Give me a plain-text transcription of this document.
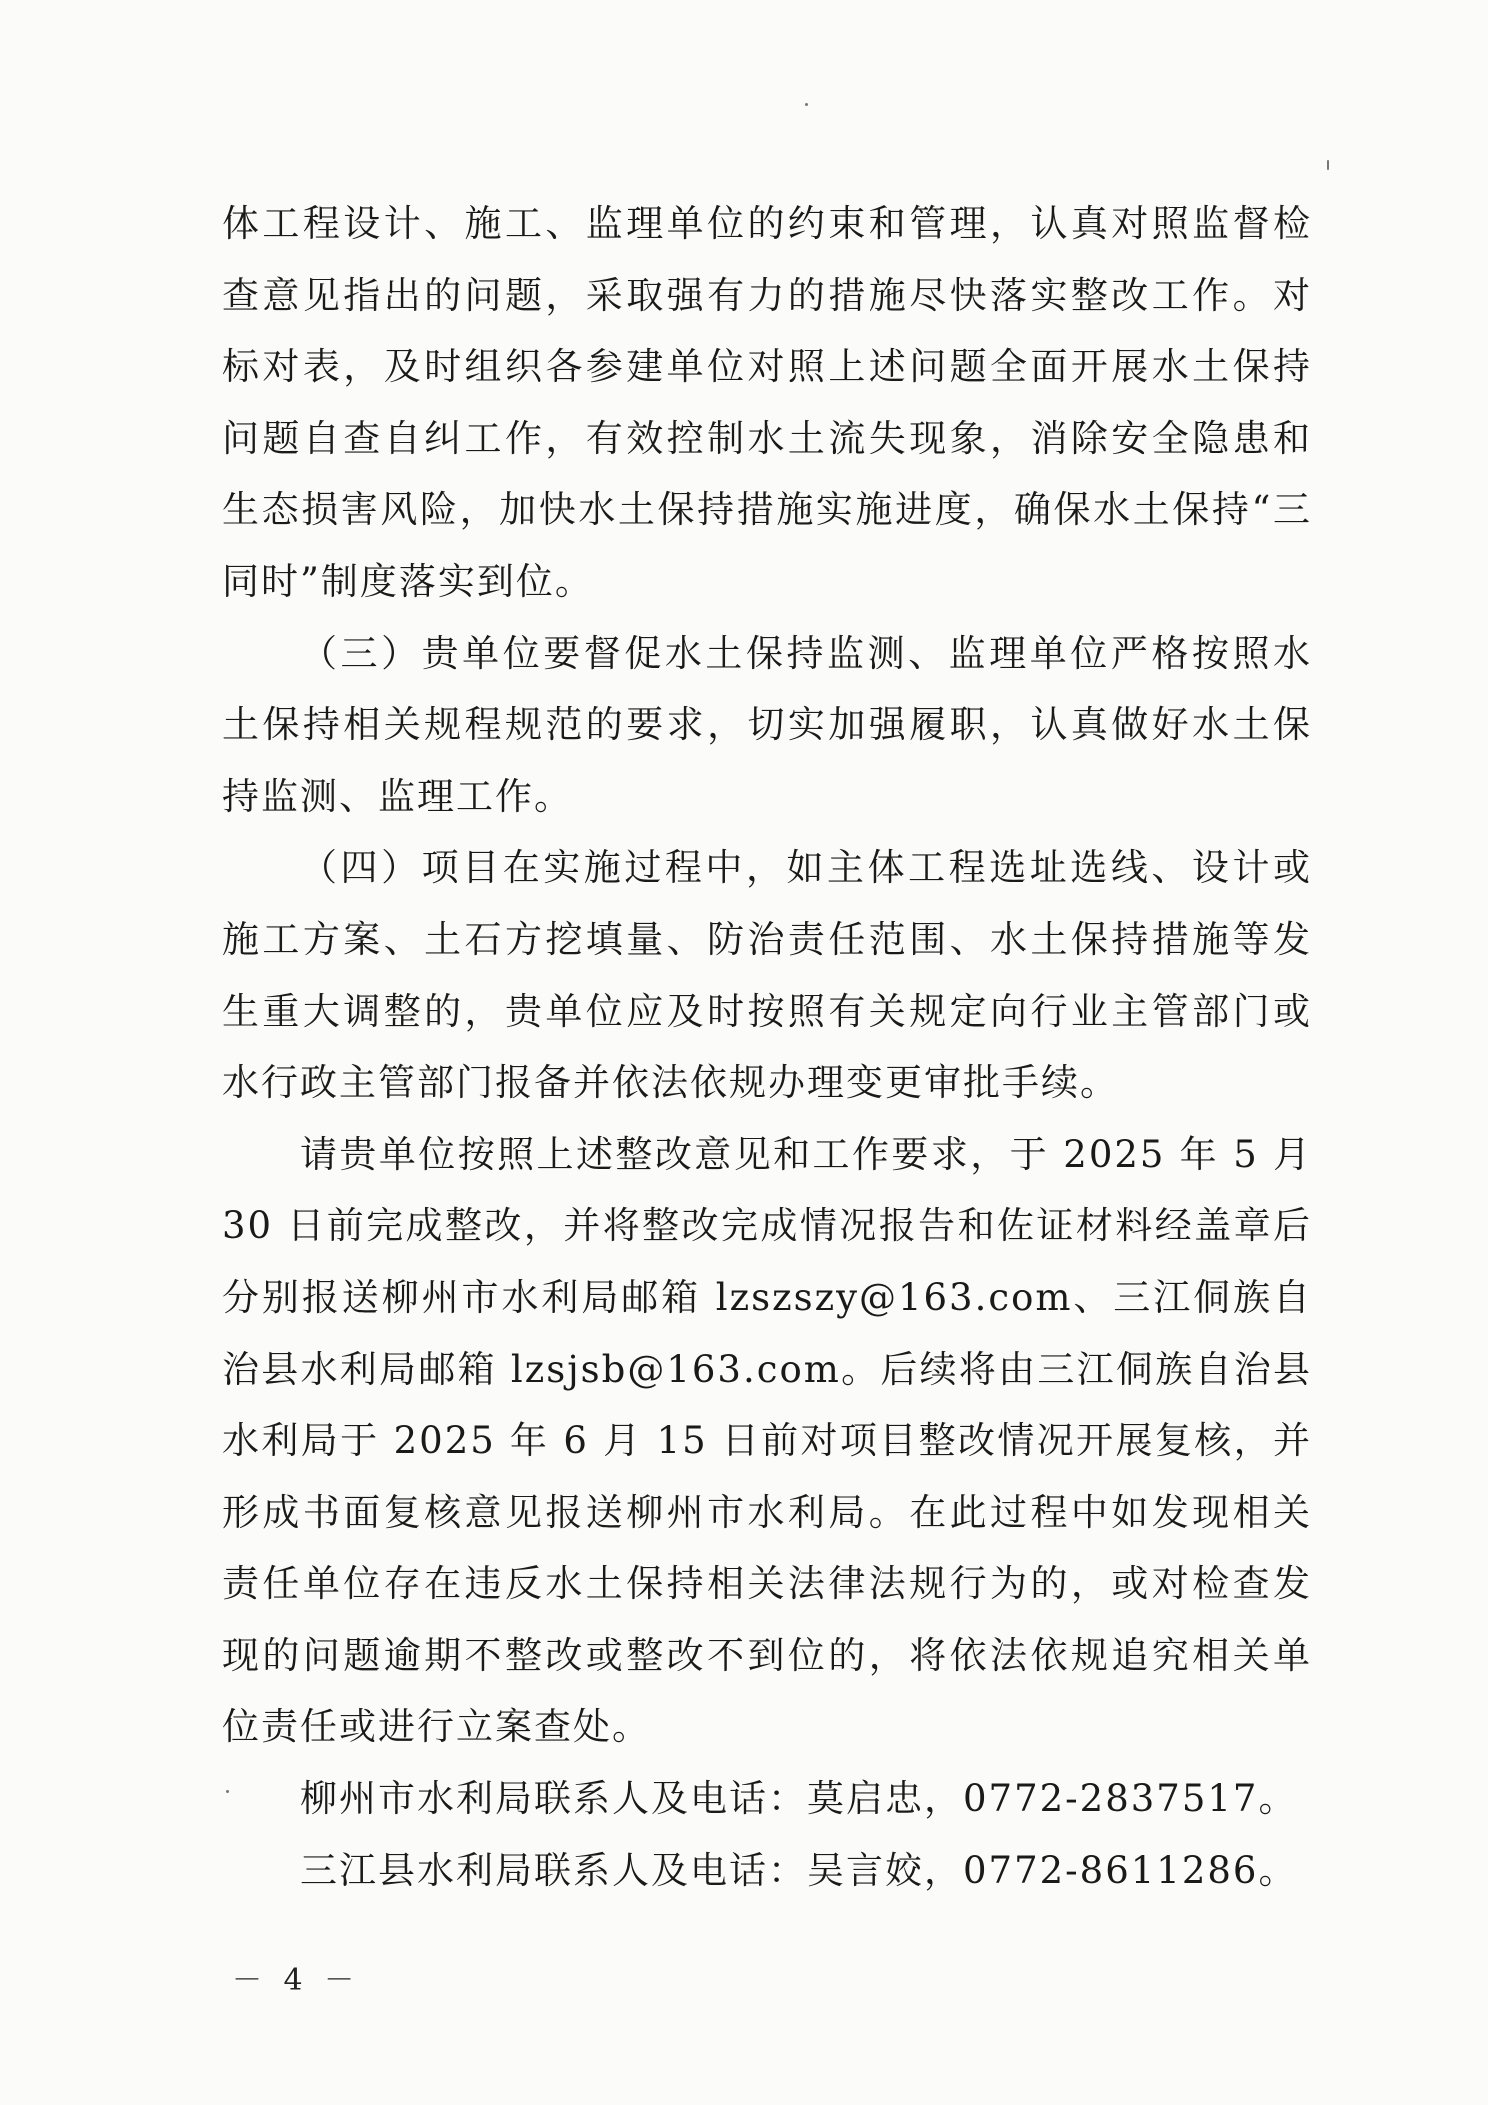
体工程设计、施工、监理单位的约束和管理，认真对照监督检查意见指出的问题，采取强有力的措施尽快落实整改工作。对标对表，及时组织各参建单位对照上述问题全面开展水土保持问题自查自纠工作，有效控制水土流失现象，消除安全隐患和生态损害风险，加快水土保持措施实施进度，确保水土保持“三同时”制度落实到位。

（三）贵单位要督促水土保持监测、监理单位严格按照水土保持相关规程规范的要求，切实加强履职，认真做好水土保持监测、监理工作。

（四）项目在实施过程中，如主体工程选址选线、设计或施工方案、土石方挖填量、防治责任范围、水土保持措施等发生重大调整的，贵单位应及时按照有关规定向行业主管部门或水行政主管部门报备并依法依规办理变更审批手续。

请贵单位按照上述整改意见和工作要求，于 2025 年 5 月 30 日前完成整改，并将整改完成情况报告和佐证材料经盖章后分别报送柳州市水利局邮箱 lzszszy@163.com、三江侗族自治县水利局邮箱 lzsjsb@163.com。后续将由三江侗族自治县水利局于 2025 年 6 月 15 日前对项目整改情况开展复核，并形成书面复核意见报送柳州市水利局。在此过程中如发现相关责任单位存在违反水土保持相关法律法规行为的，或对检查发现的问题逾期不整改或整改不到位的，将依法依规追究相关单位责任或进行立案查处。

柳州市水利局联系人及电话：莫启忠，0772-2837517。

三江县水利局联系人及电话：吴言姣，0772-8611286。

－ 4 －
